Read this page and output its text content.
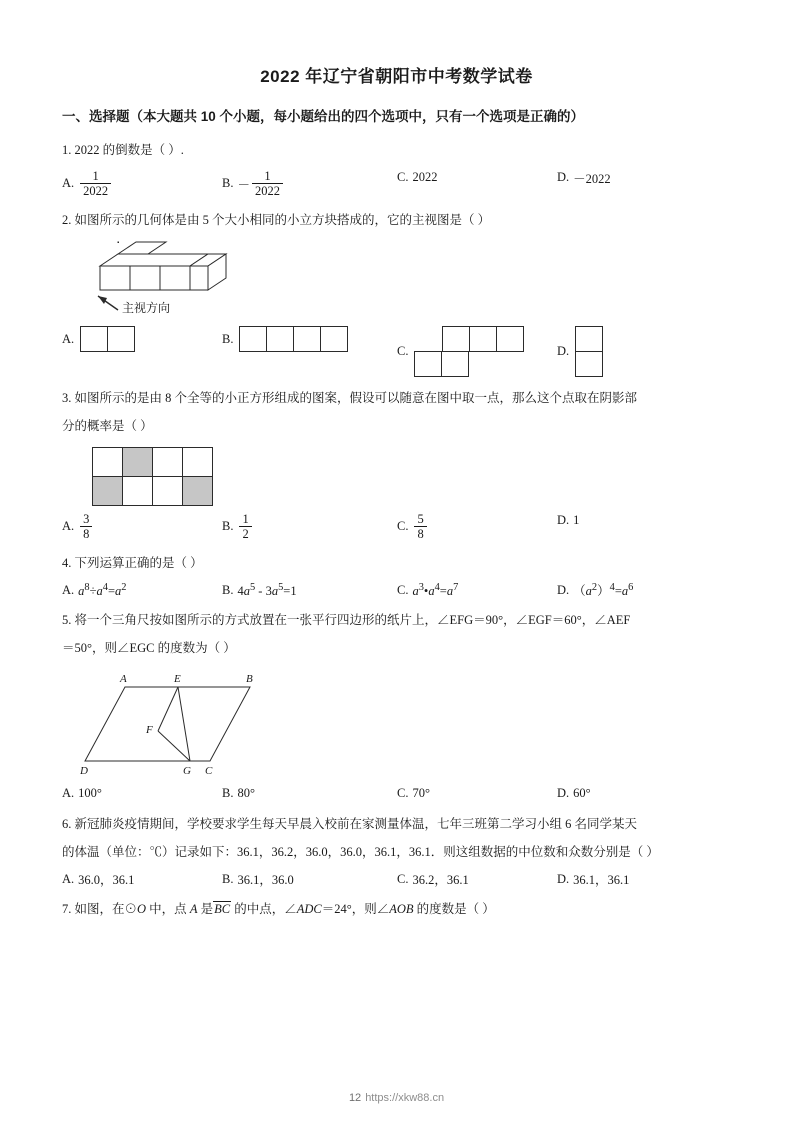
2022 年辽宁省朝阳市中考数学试卷
一、选择题（本大题共 10 个小题，每小题给出的四个选项中，只有一个选项是正确的）
1. 2022 的倒数是（ ）.
A. $\frac{1}{2022}$	B. － $\frac{1}{2022}$	C. 2022	D. －2022
2. 如图所示的几何体是由 5 个大小相同的小立方块搭成的，它的主视图是（ ）
主视方向
A.	B.
C.	D.
3. 如图所示的是由 8 个全等的小正方形组成的图案，假设可以随意在图中取一点，那么这个点取在阴影部
分的概率是（ ）

A. $\frac{3}{8}$	B. $\frac{1}{2}$	C. $\frac{5}{8}$	D. 1
4. 下列运算正确的是（ ）
A. $a^8\div a^4=a^2$	B. $4a^5 - 3a^5=1$	C. $a^3•a^4=a^7$	D. $(a^2)^4=a^6$
5. 将一个三角尺按如图所示的方式放置在一张平行四边形的纸片上，∠EFG＝90°，∠EGF＝60°，∠AEF
＝50°，则∠EGC 的度数为（ ）
A	E	B
F
D	G C
A. 100°	B. 80°	C. 70°	D. 60°
6. 新冠肺炎疫情期间，学校要求学生每天早晨入校前在家测量体温，七年三班第二学习小组 6 名同学某天
的体温（单位：℃）记录如下：36.1，36.2，36.0，36.0，36.1，36.1．则这组数据的中位数和众数分别是（ ）
A. 36.0，36.1	B. 36.1，36.0	C. 36.2，36.1	D. 36.1，36.1
7. 如图，在⊙O 中，点 A 是BC 的中点，∠ADC＝24°，则∠AOB 的度数是（ ）
12 https://xkw88.cn
